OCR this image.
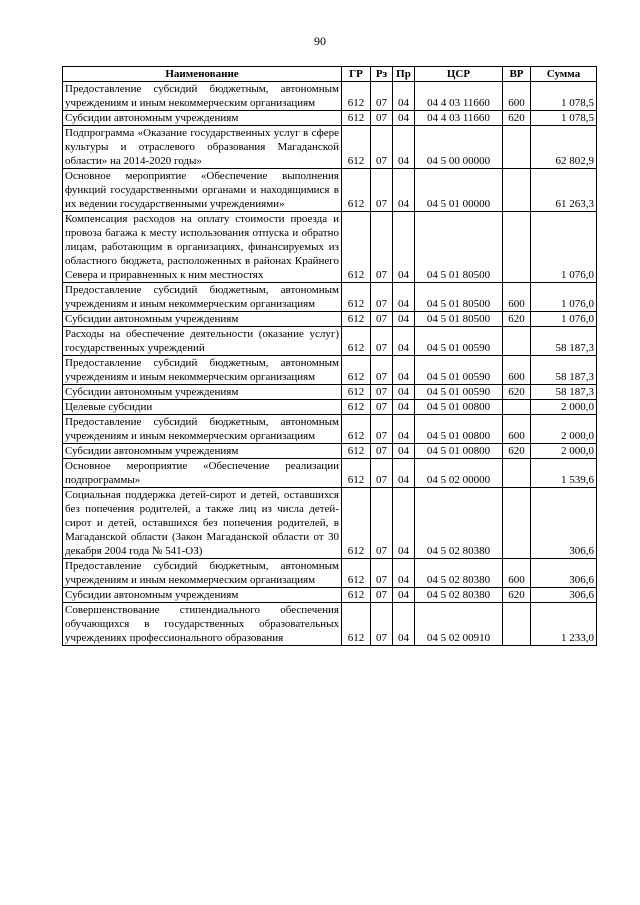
90
Наименование	ГР	Рз	Пр	ЦСР	ВР	Сумма
Предоставление субсидий бюджетным, автономным учреждениям и иным некоммерческим организациям	612	07	04	04 4 03 11660	600	1 078,5
Субсидии автономным учреждениям	612	07	04	04 4 03 11660	620	1 078,5
Подпрограмма «Оказание государственных услуг в сфере культуры и отраслевого образования Магаданской области» на 2014-2020 годы»	612	07	04	04 5 00 00000		62 802,9
Основное мероприятие «Обеспечение выполнения функций государственными органами и находящимися в их ведении государственными учреждениями»	612	07	04	04 5 01 00000		61 263,3
Компенсация расходов на оплату стоимости проезда и провоза багажа к месту использования отпуска и обратно лицам, работающим в организациях, финансируемых из областного бюджета, расположенных в районах Крайнего Севера и приравненных к ним местностях	612	07	04	04 5 01 80500		1 076,0
Предоставление субсидий бюджетным, автономным учреждениям и иным некоммерческим организациям	612	07	04	04 5 01 80500	600	1 076,0
Субсидии автономным учреждениям	612	07	04	04 5 01 80500	620	1 076,0
Расходы на обеспечение деятельности (оказание услуг) государственных учреждений	612	07	04	04 5 01 00590		58 187,3
Предоставление субсидий бюджетным, автономным учреждениям и иным некоммерческим организациям	612	07	04	04 5 01 00590	600	58 187,3
Субсидии автономным учреждениям	612	07	04	04 5 01 00590	620	58 187,3
Целевые субсидии	612	07	04	04 5 01 00800		2 000,0
Предоставление субсидий бюджетным, автономным учреждениям и иным некоммерческим организациям	612	07	04	04 5 01 00800	600	2 000,0
Субсидии автономным учреждениям	612	07	04	04 5 01 00800	620	2 000,0
Основное мероприятие «Обеспечение реализации подпрограммы»	612	07	04	04 5 02 00000		1 539,6
Социальная поддержка детей-сирот и детей, оставшихся без попечения родителей, а также лиц из числа детей-сирот и детей, оставшихся без попечения родителей, в Магаданской области (Закон Магаданской области от 30 декабря 2004 года № 541-ОЗ)	612	07	04	04 5 02 80380		306,6
Предоставление субсидий бюджетным, автономным учреждениям и иным некоммерческим организациям	612	07	04	04 5 02 80380	600	306,6
Субсидии автономным учреждениям	612	07	04	04 5 02 80380	620	306,6
Совершенствование стипендиального обеспечения обучающихся в государственных образовательных учреждениях профессионального образования	612	07	04	04 5 02 00910		1 233,0
